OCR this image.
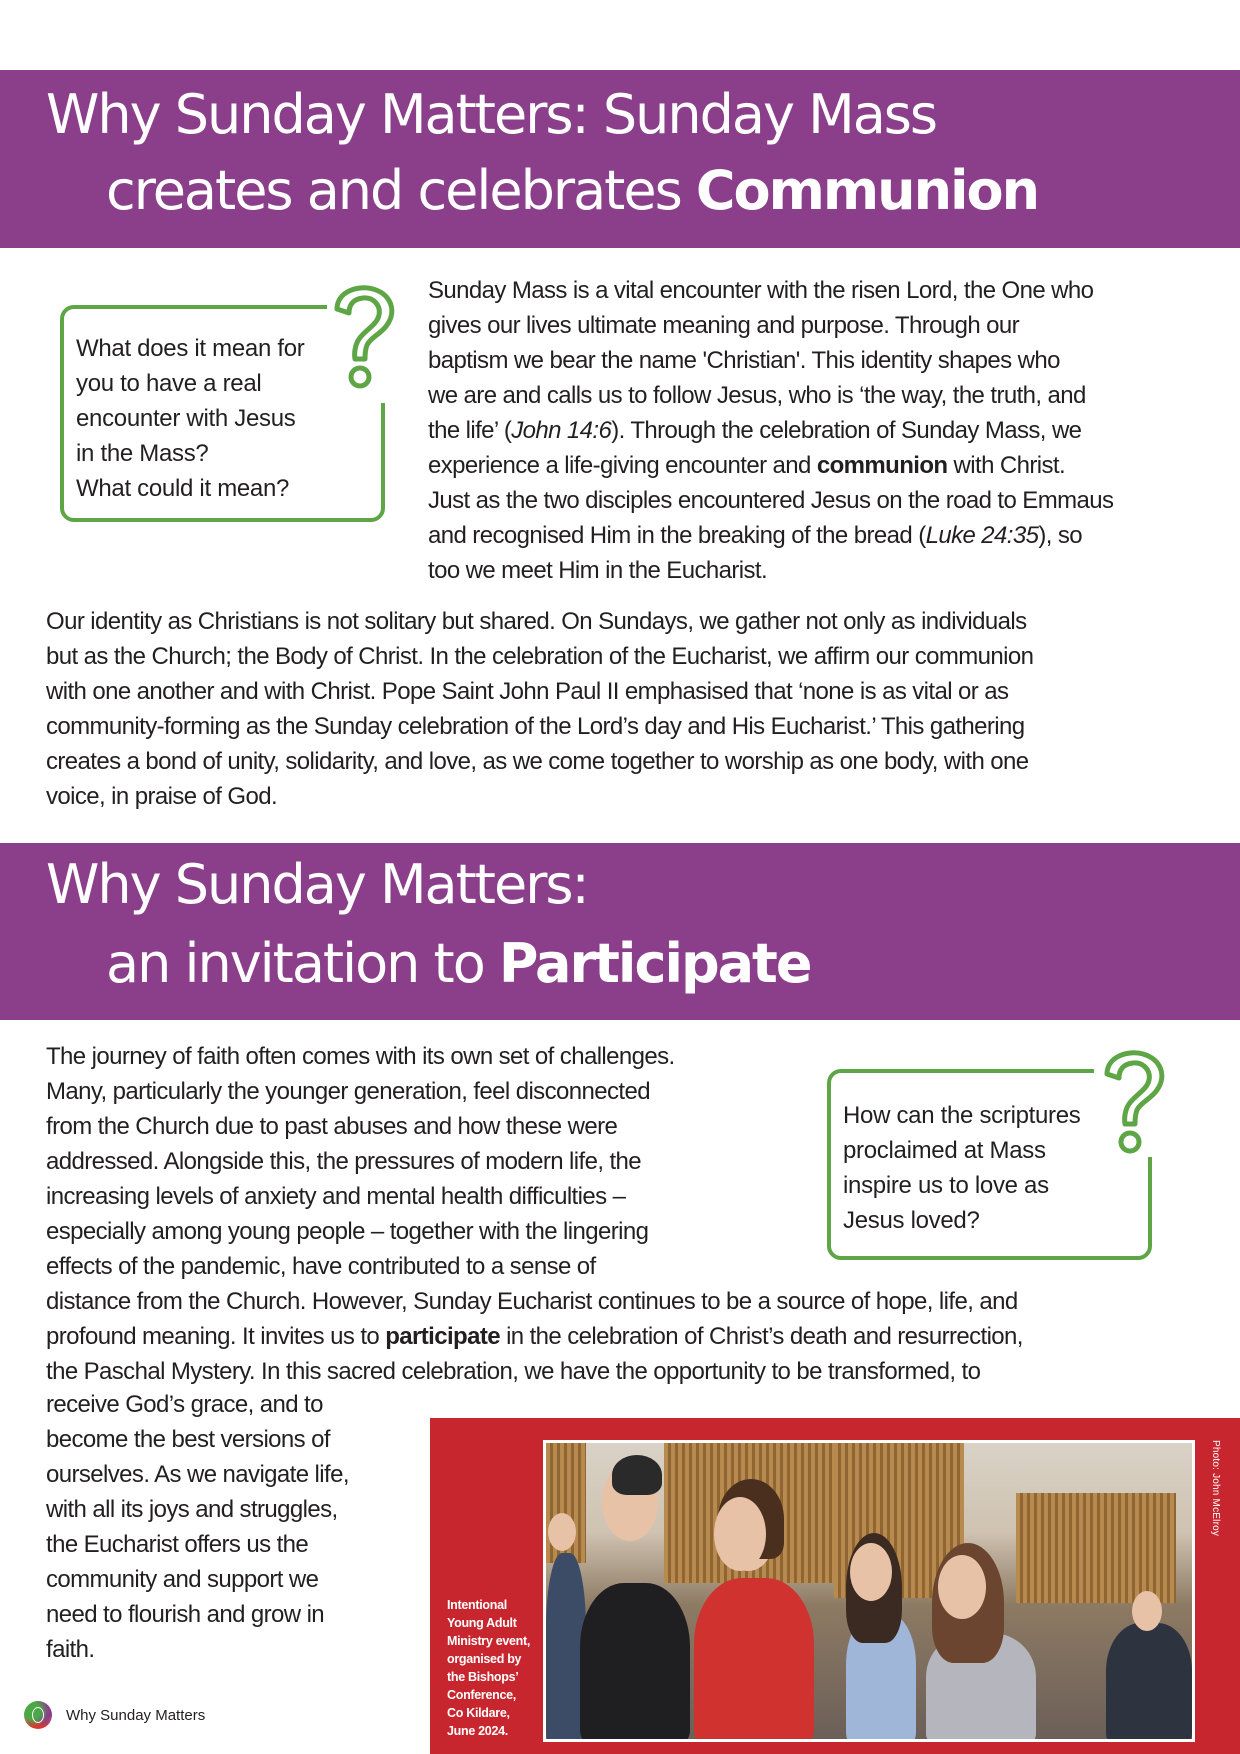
Why Sunday Matters: Sunday Mass
creates and celebrates Communion
What does it mean for
you to have a real
encounter with Jesus
in the Mass?
What could it mean?
Sunday Mass is a vital encounter with the risen Lord, the One who
gives our lives ultimate meaning and purpose. Through our
baptism we bear the name 'Christian'. This identity shapes who
we are and calls us to follow Jesus, who is ‘the way, the truth, and
the life’ (John 14:6). Through the celebration of Sunday Mass, we
experience a life-giving encounter and communion with Christ.
Just as the two disciples encountered Jesus on the road to Emmaus
and recognised Him in the breaking of the bread (Luke 24:35), so
too we meet Him in the Eucharist.
Our identity as Christians is not solitary but shared. On Sundays, we gather not only as individuals
but as the Church; the Body of Christ. In the celebration of the Eucharist, we affirm our communion
with one another and with Christ. Pope Saint John Paul II emphasised that ‘none is as vital or as
community-forming as the Sunday celebration of the Lord’s day and His Eucharist.’ This gathering
creates a bond of unity, solidarity, and love, as we come together to worship as one body, with one
voice, in praise of God.
Why Sunday Matters:
an invitation to Participate
The journey of faith often comes with its own set of challenges.
Many, particularly the younger generation, feel disconnected
from the Church due to past abuses and how these were
addressed. Alongside this, the pressures of modern life, the
increasing levels of anxiety and mental health difficulties –
especially among young people – together with the lingering
effects of the pandemic, have contributed to a sense of
distance from the Church. However, Sunday Eucharist continues to be a source of hope, life, and
profound meaning. It invites us to participate in the celebration of Christ’s death and resurrection,
the Paschal Mystery. In this sacred celebration, we have the opportunity to be transformed, to
How can the scriptures
proclaimed at Mass
inspire us to love as
Jesus loved?
receive God’s grace, and to
become the best versions of
ourselves. As we navigate life,
with all its joys and struggles,
the Eucharist offers us the
community and support we
need to flourish and grow in
faith.
Intentional
Young Adult
Ministry event,
organised by
the Bishops’
Conference,
Co Kildare,
June 2024.
Photo: John McElroy
Why Sunday Matters
